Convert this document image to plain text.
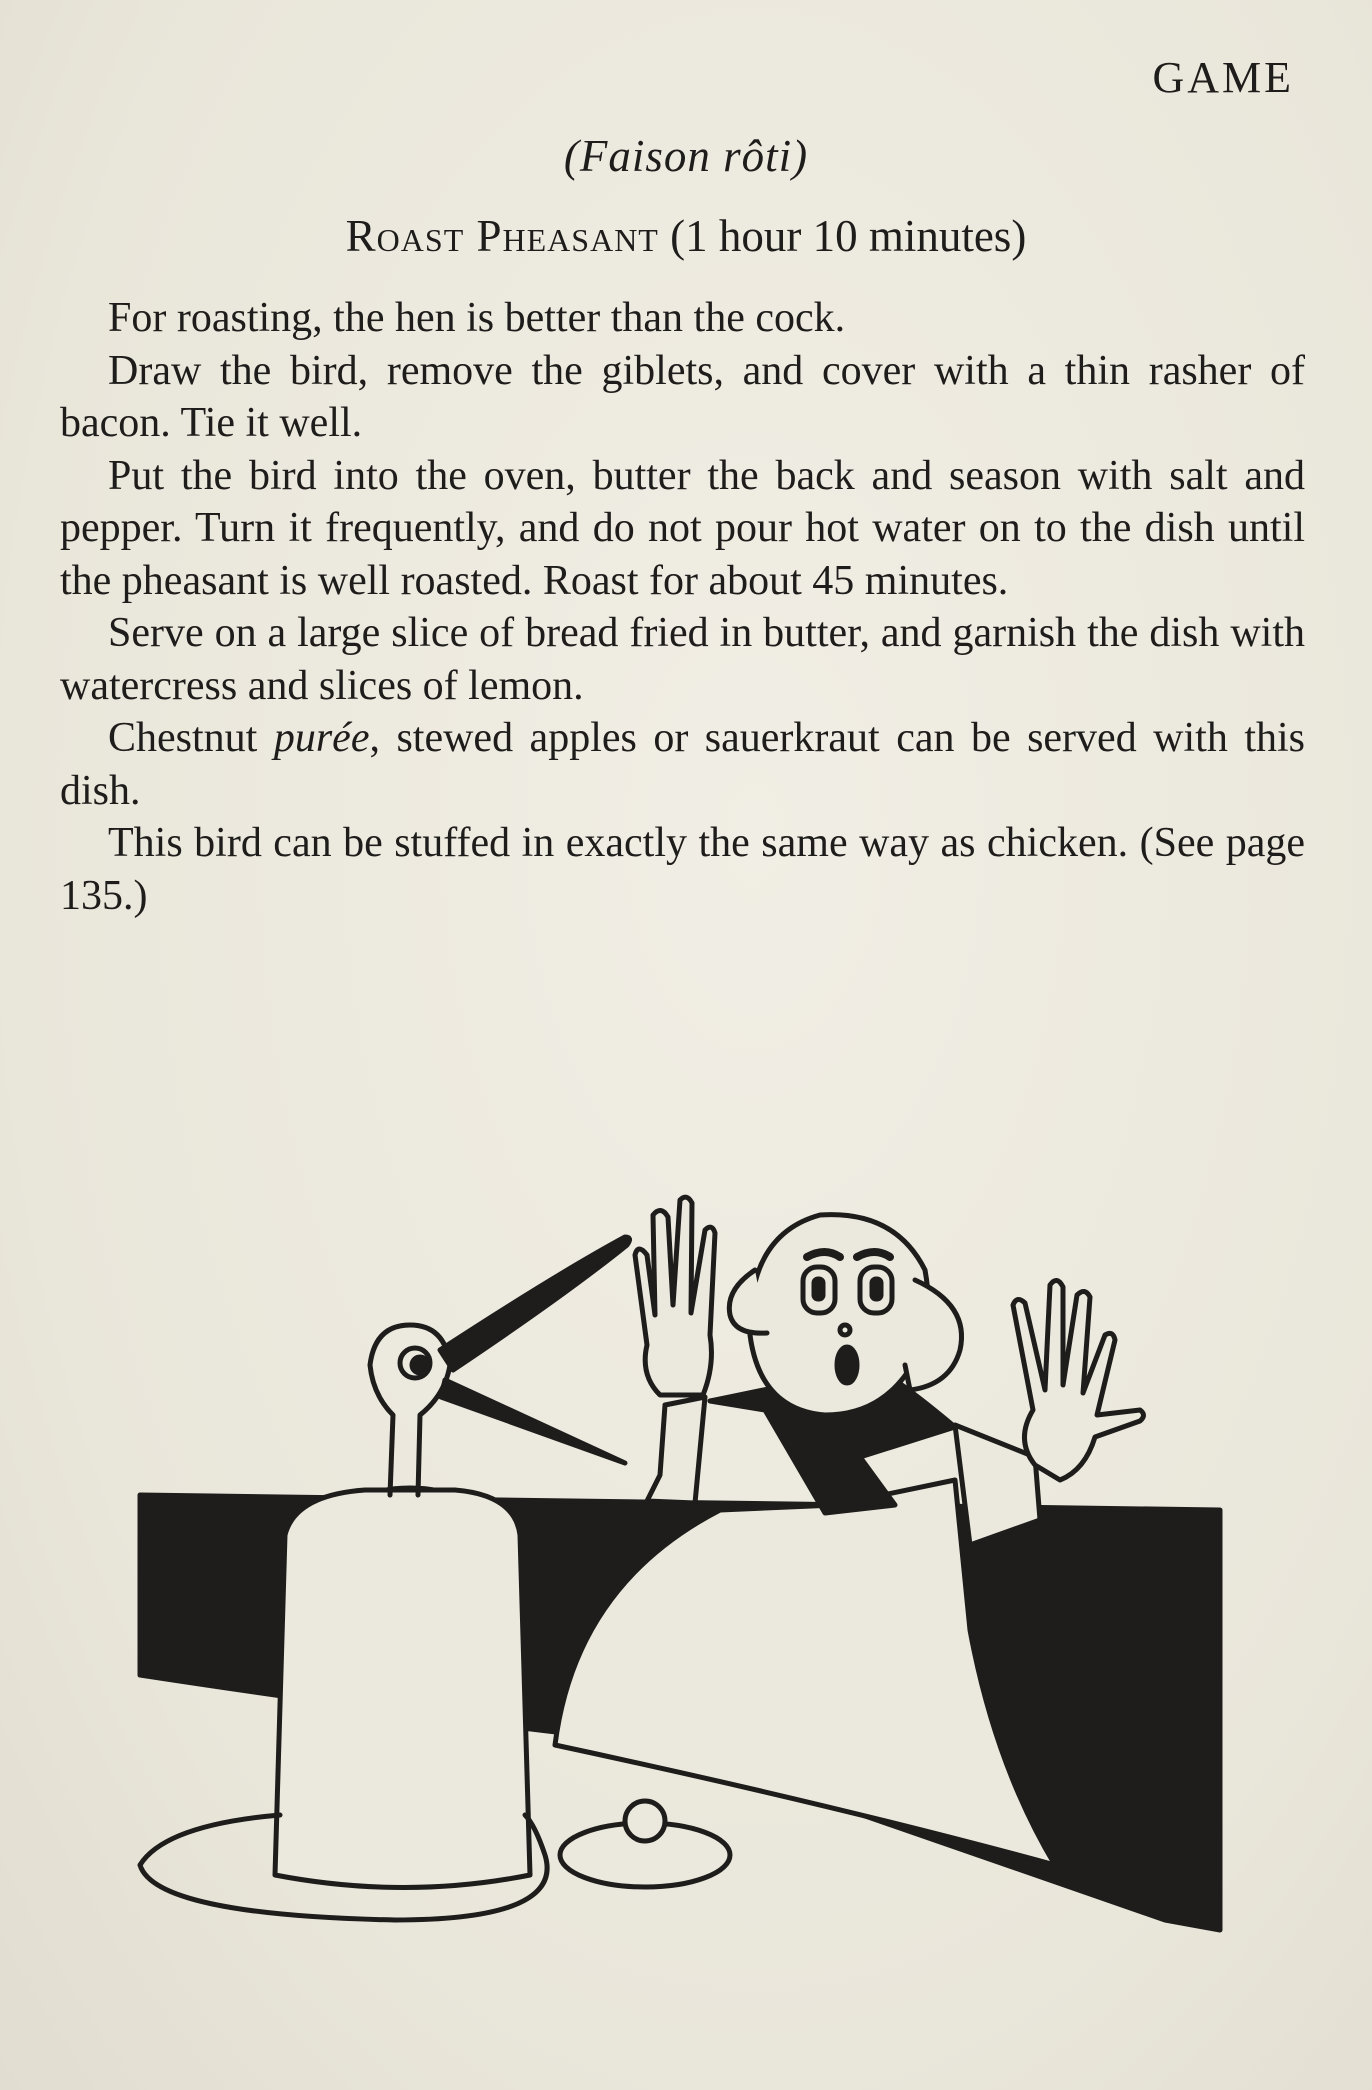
GAME
(Faison rôti)
Roast Pheasant (1 hour 10 minutes)

For roasting, the hen is better than the cock.

Draw the bird, remove the giblets, and cover with a thin rasher of bacon. Tie it well.

Put the bird into the oven, butter the back and season with salt and pepper. Turn it frequently, and do not pour hot water on to the dish until the pheasant is well roasted. Roast for about 45 minutes.

Serve on a large slice of bread fried in butter, and garnish the dish with watercress and slices of lemon.

Chestnut purée, stewed apples or sauerkraut can be served with this dish.

This bird can be stuffed in exactly the same way as chicken. (See page 135.)
